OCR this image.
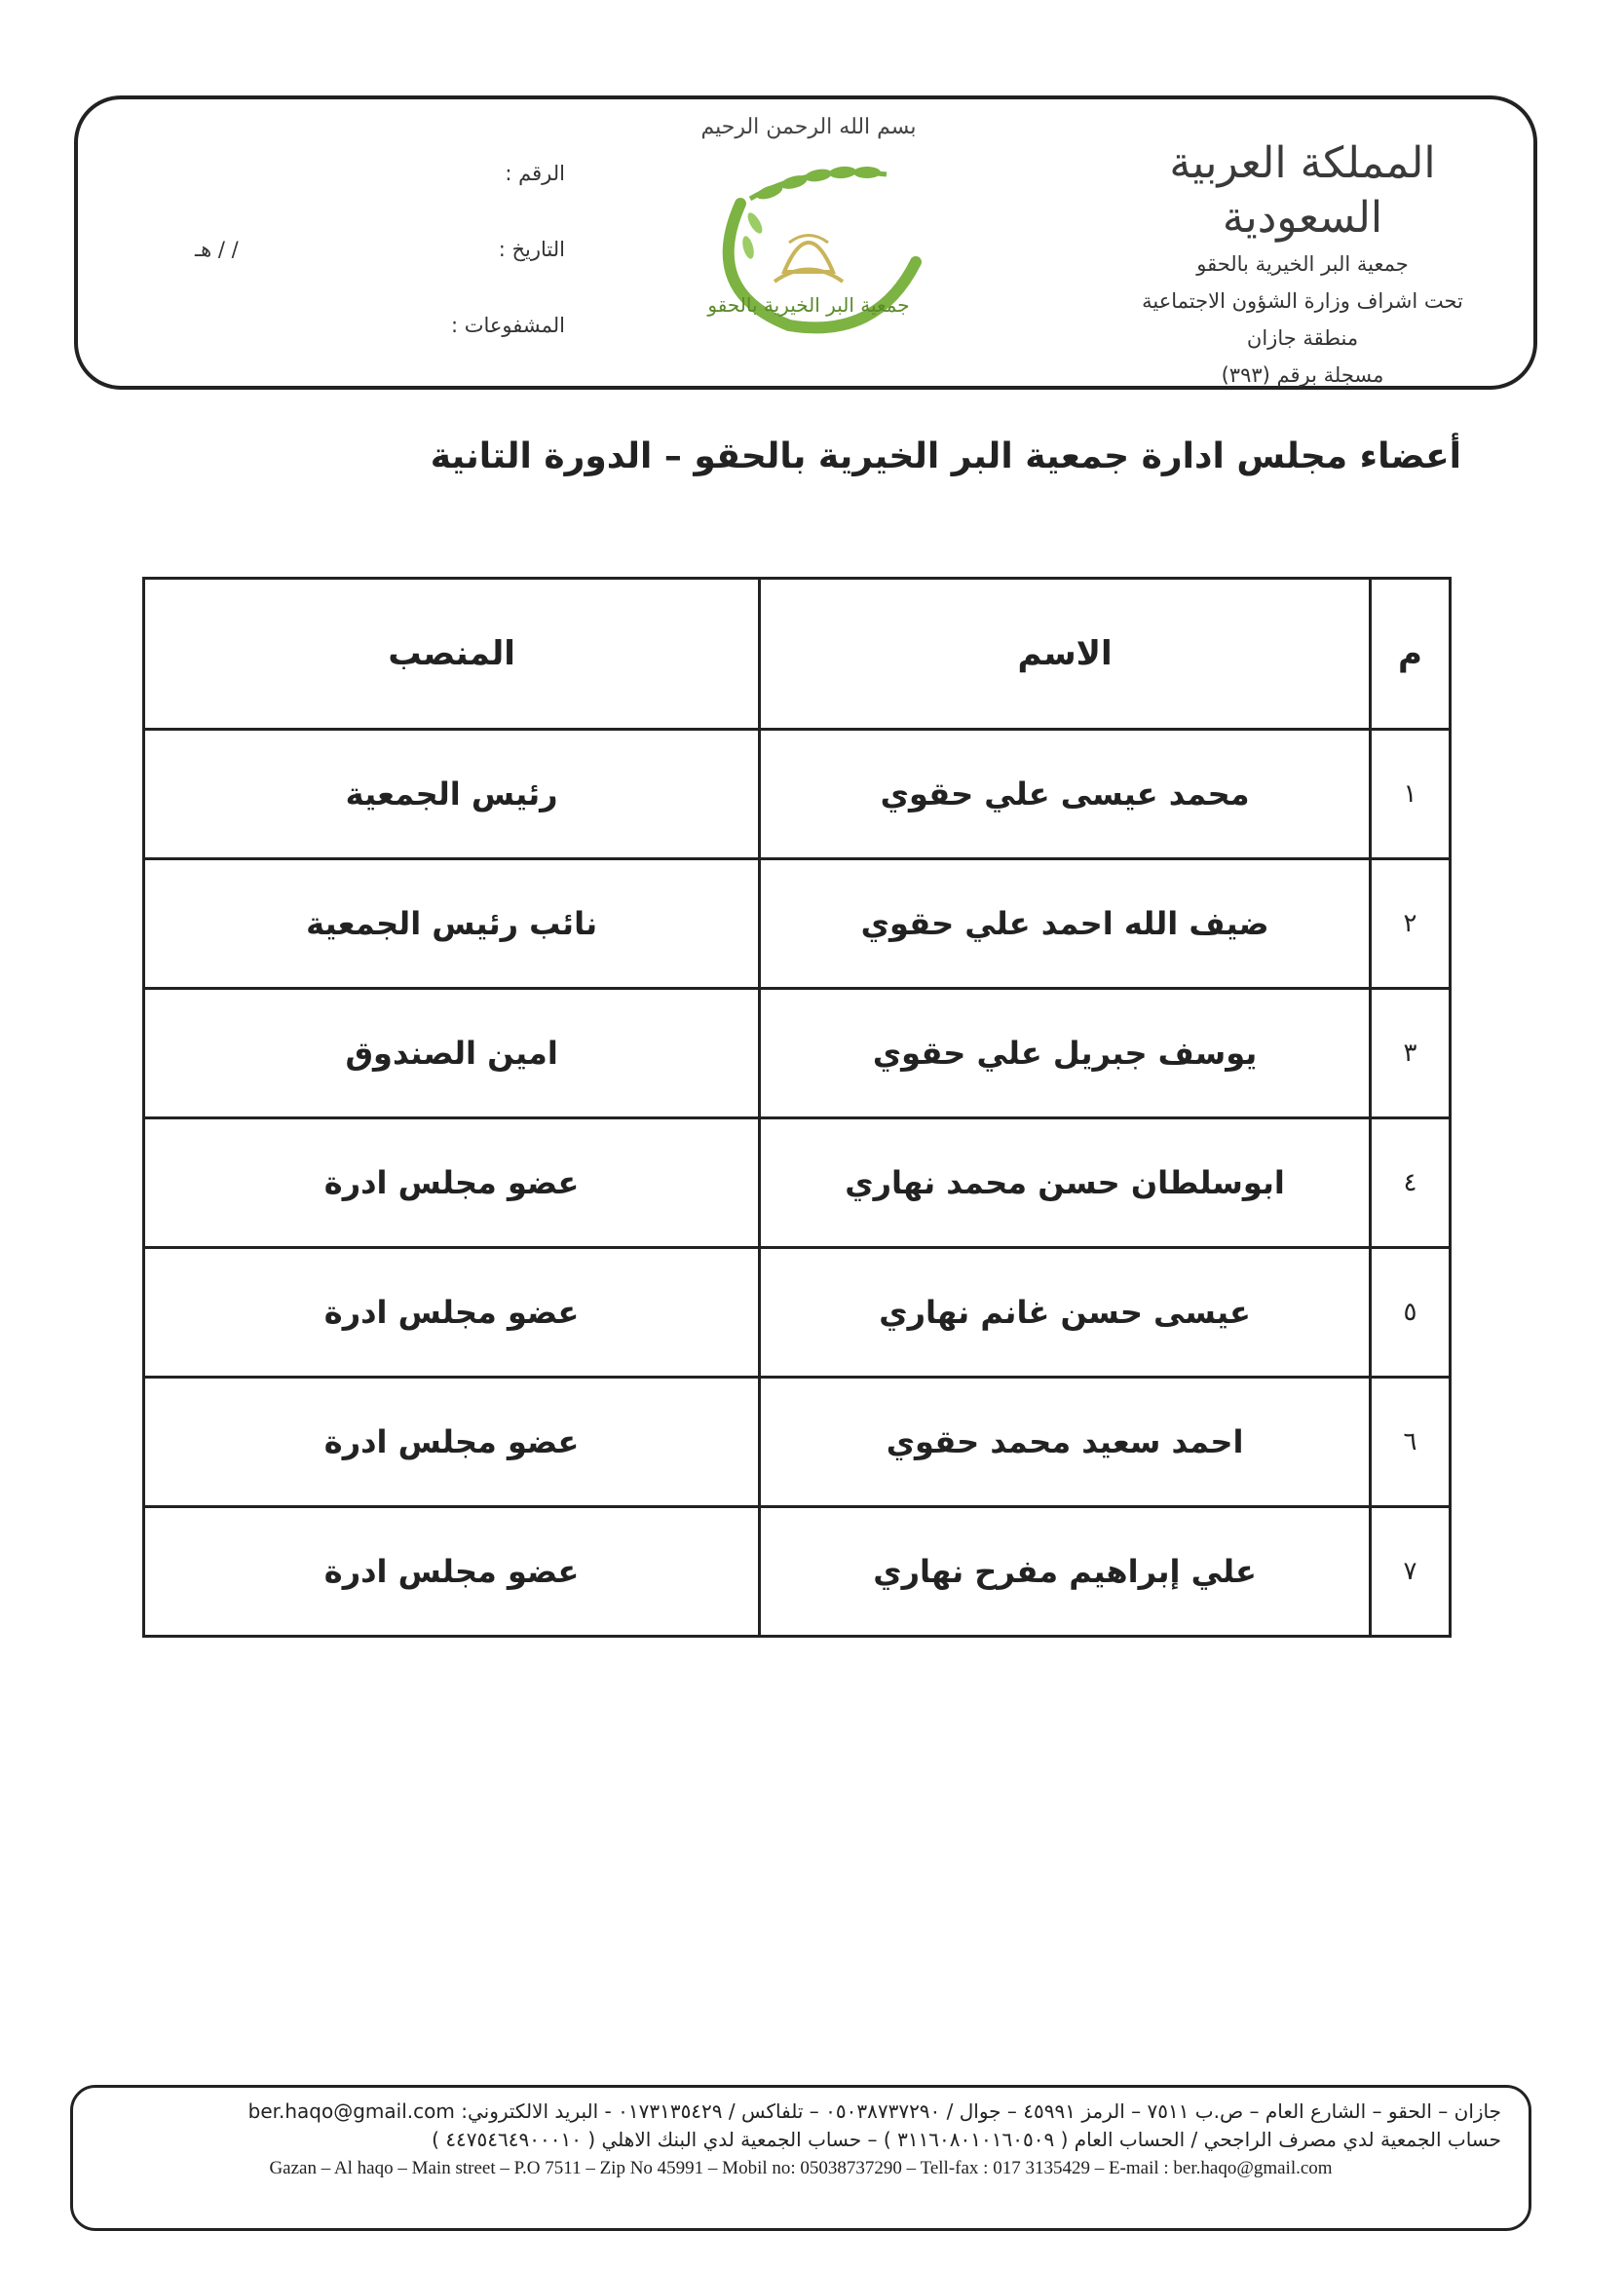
المملكة العربية السعودية
جمعية البر الخيرية بالحقو
تحت اشراف وزارة الشؤون الاجتماعية
منطقة جازان
مسجلة برقم (٣٩٣)
بسم الله الرحمن الرحيم
جمعية البر الخيرية بالحقو
الرقم :
التاريخ :
/ / هـ
المشفوعات :
أعضاء مجلس ادارة جمعية البر الخيرية بالحقو – الدورة التانية
م	الاسم	المنصب
١	محمد عيسى علي حقوي	رئيس الجمعية
٢	ضيف الله احمد علي حقوي	نائب رئيس الجمعية
٣	يوسف جبريل علي حقوي	امين الصندوق
٤	ابوسلطان حسن محمد نهاري	عضو مجلس ادرة
٥	عيسى حسن غانم نهاري	عضو مجلس ادرة
٦	احمد سعيد محمد حقوي	عضو مجلس ادرة
٧	علي إبراهيم مفرح نهاري	عضو مجلس ادرة
جازان – الحقو – الشارع العام – ص.ب ٧٥١١ – الرمز ٤٥٩٩١ – جوال / ٠٥٠٣٨٧٣٧٢٩٠ – تلفاكس / ٠١٧٣١٣٥٤٢٩ - البريد الالكتروني: ber.haqo@gmail.com
حساب الجمعية لدي مصرف الراجحي / الحساب العام ( ٣١١٦٠٨٠١٠١٦٠٥٠٩ ) – حساب الجمعية لدي البنك الاهلي ( ٤٤٧٥٤٦٤٩٠٠٠١٠ )
Gazan – Al haqo – Main street – P.O 7511 – Zip No 45991 – Mobil no: 05038737290 – Tell-fax : 017 3135429 – E-mail : ber.haqo@gmail.com
